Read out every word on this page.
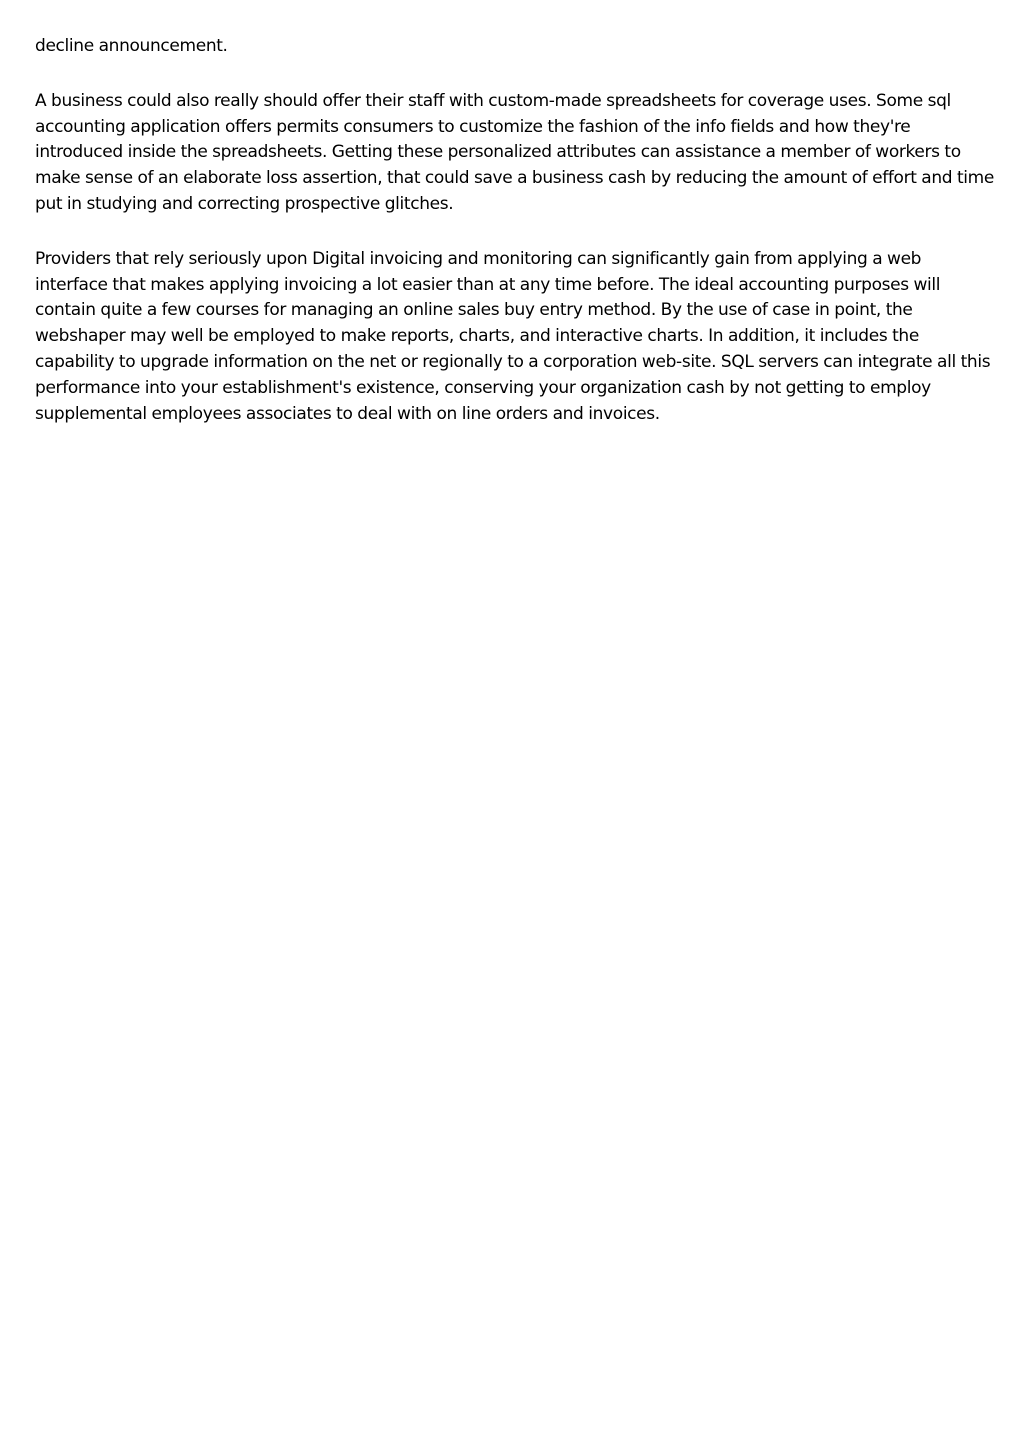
decline announcement.

A business could also really should offer their staff with custom-made spreadsheets for coverage uses. Some sql accounting application offers permits consumers to customize the fashion of the info fields and how they're introduced inside the spreadsheets. Getting these personalized attributes can assistance a member of workers to make sense of an elaborate loss assertion, that could save a business cash by reducing the amount of effort and time put in studying and correcting prospective glitches.

Providers that rely seriously upon Digital invoicing and monitoring can significantly gain from applying a web interface that makes applying invoicing a lot easier than at any time before. The ideal accounting purposes will contain quite a few courses for managing an online sales buy entry method. By the use of case in point, the webshaper may well be employed to make reports, charts, and interactive charts. In addition, it includes the capability to upgrade information on the net or regionally to a corporation web-site. SQL servers can integrate all this performance into your establishment's existence, conserving your organization cash by not getting to employ supplemental employees associates to deal with on line orders and invoices.
